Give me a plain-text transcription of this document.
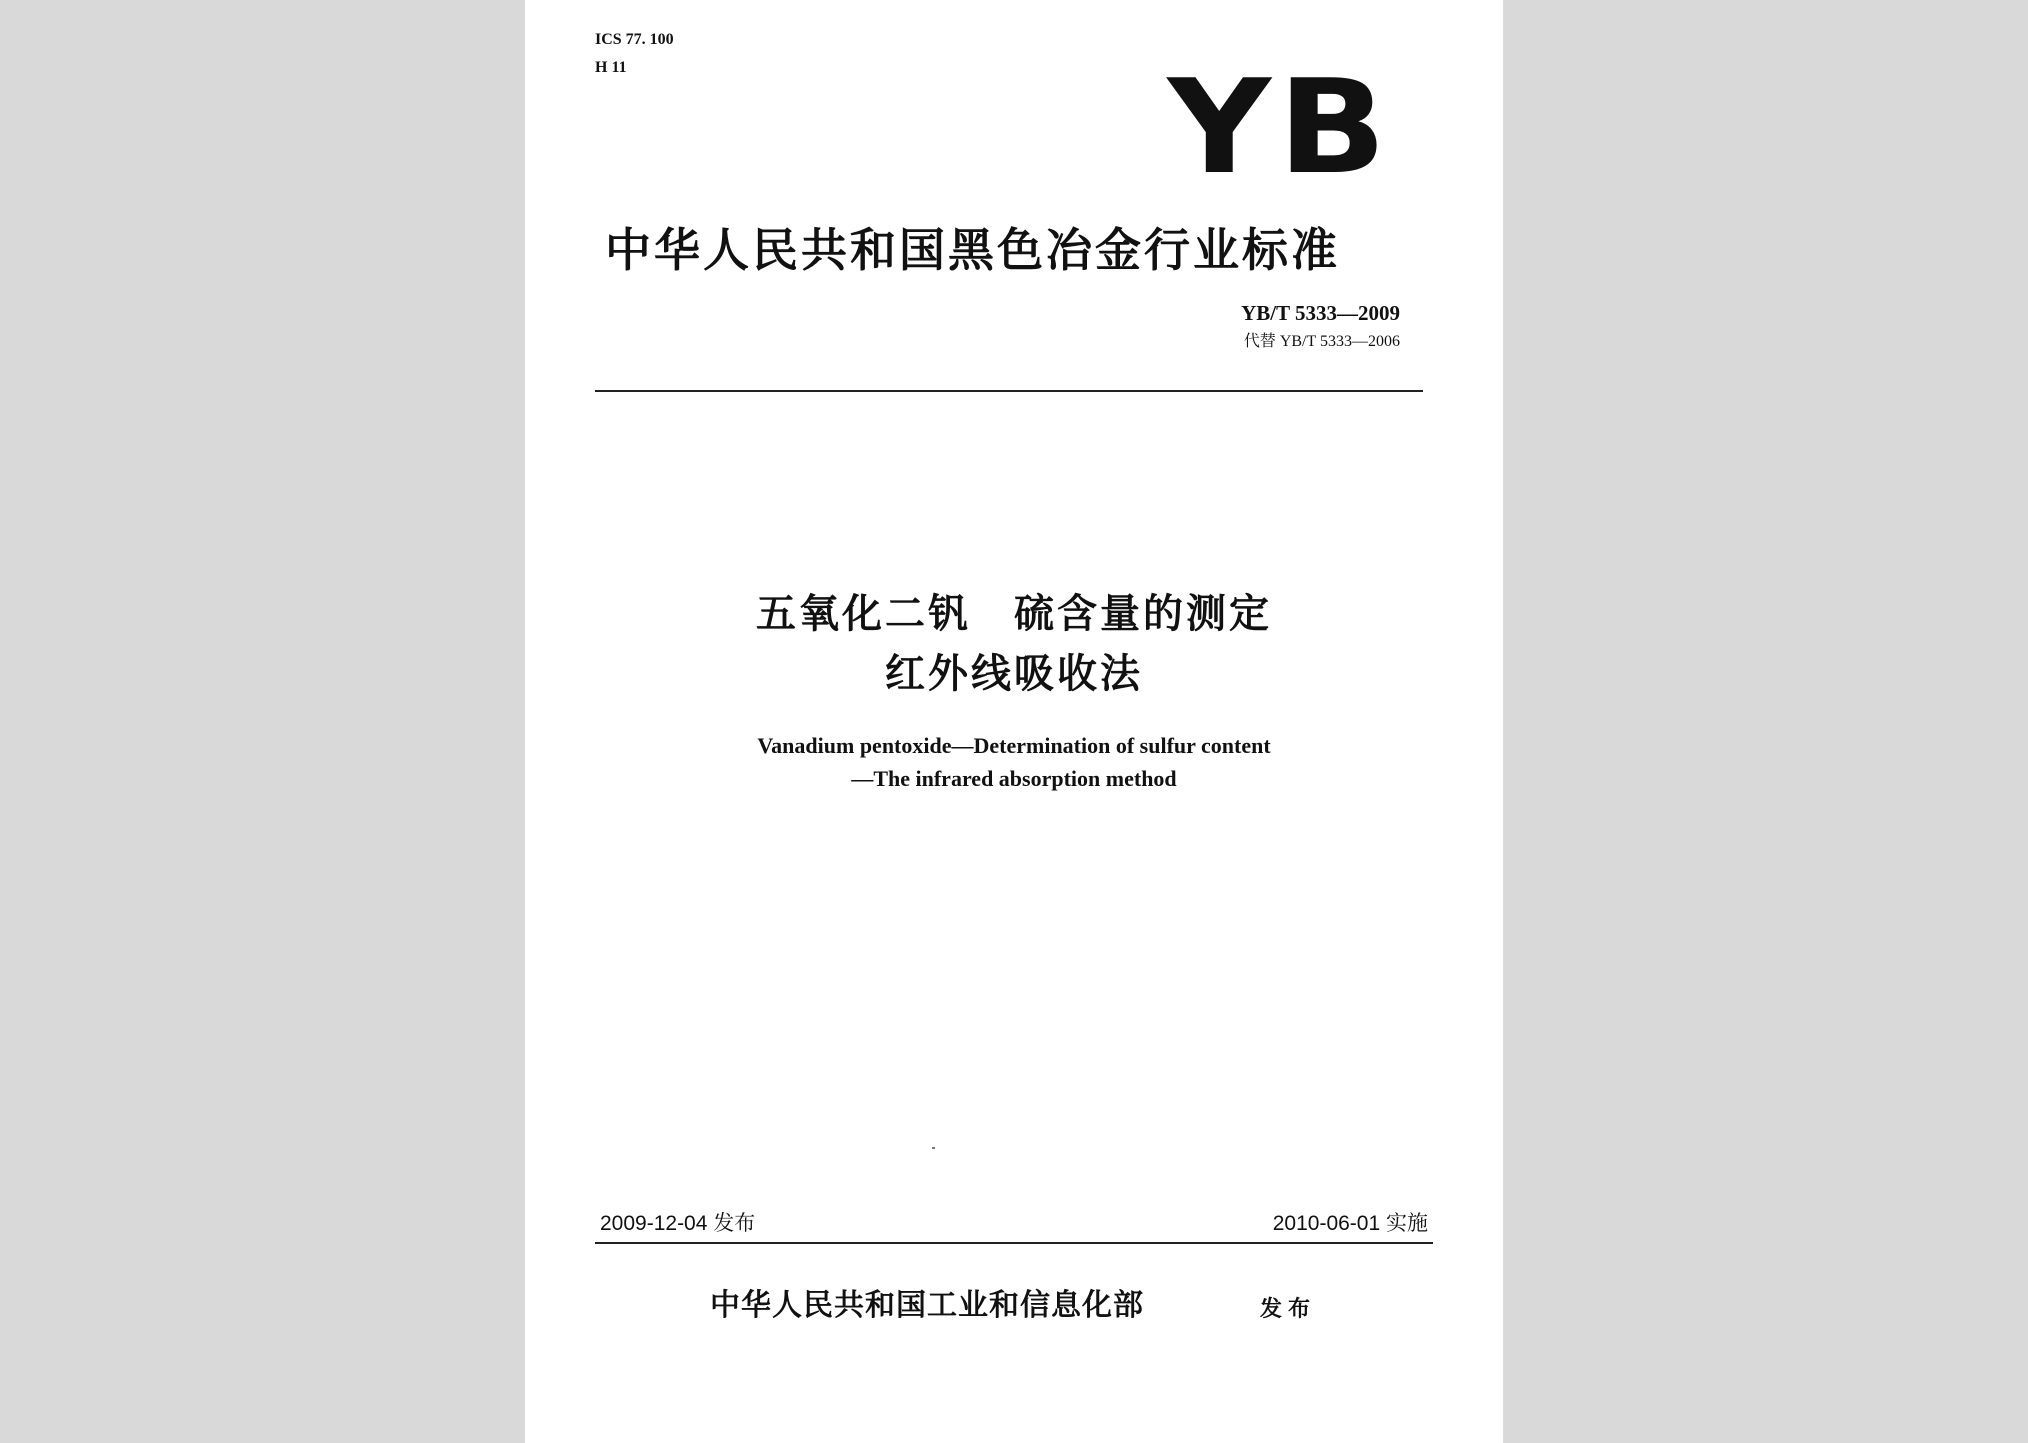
ICS 77. 100
H 11	YB
中华人民共和国黑色冶金行业标准
YB/T 5333—2009
代替 YB/T 5333—2006
五氧化二钒　硫含量的测定
红外线吸收法
Vanadium pentoxide—Determination of sulfur content
—The infrared absorption method
2009-12-04 发布	2010-06-01 实施
中华人民共和国工业和信息化部	发布
